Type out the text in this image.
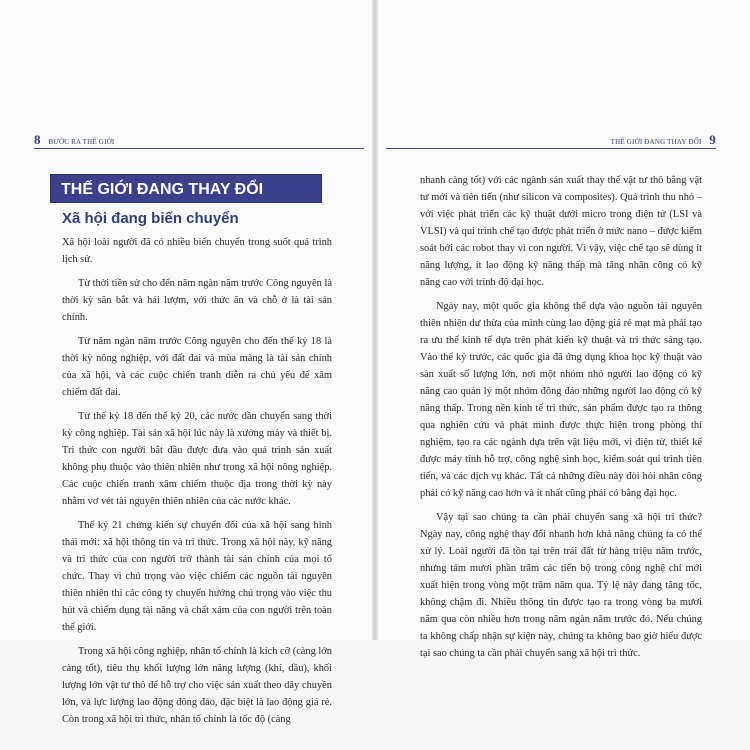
8 BƯỚC RA THẾ GIỚI	THẾ GIỚI ĐANG THAY ĐỔI 9
THẾ GIỚI ĐANG THAY ĐỔI
Xã hội đang biến chuyển

Xã hội loài người đã có nhiều biến chuyển trong suốt quá trình lịch sử.

Từ thời tiền sử cho đến năm ngàn năm trước Công nguyên là thời kỳ săn bắt và hái lượm, với thức ăn và chỗ ở là tài sản chính.

Từ năm ngàn năm trước Công nguyên cho đến thế kỷ 18 là thời kỳ nông nghiệp, với đất đai và mùa màng là tài sản chính của xã hội, và các cuộc chiến tranh diễn ra chủ yếu để xâm chiếm đất đai.

Từ thế kỷ 18 đến thế kỷ 20, các nước dần chuyển sang thời kỳ công nghiệp. Tài sản xã hội lúc này là xưởng máy và thiết bị. Tri thức con người bắt đầu được đưa vào quá trình sản xuất không phụ thuộc vào thiên nhiên như trong xã hội nông nghiệp. Các cuộc chiến tranh xâm chiếm thuộc địa trong thời kỳ này nhằm vơ vét tài nguyên thiên nhiên của các nước khác.

Thế kỷ 21 chứng kiến sự chuyển đổi của xã hội sang hình thái mới: xã hội thông tin và tri thức. Trong xã hội này, kỹ năng và tri thức của con người trở thành tài sản chính của mọi tổ chức. Thay vì chú trọng vào việc chiếm các nguồn tài nguyên thiên nhiên thì các công ty chuyển hướng chú trọng vào việc thu hút và chiếm dụng tài năng và chất xám của con người trên toàn thế giới.

Trong xã hội công nghiệp, nhân tố chính là kích cỡ (càng lớn càng tốt), tiêu thụ khối lượng lớn năng lượng (khí, dầu), khối lượng lớn vật tư thô để hỗ trợ cho việc sản xuất theo dây chuyền lớn, và lực lượng lao động đông đảo, đặc biệt là lao động giá rẻ. Còn trong xã hội tri thức, nhân tố chính là tốc độ (càng

nhanh càng tốt) với các ngành sản xuất thay thế vật tư thô bằng vật tư mới và tiên tiến (như silicon và composites). Quá trình thu nhỏ – với việc phát triển các kỹ thuật dưới micro trong điện tử (LSI và VLSI) và qui trình chế tạo được phát triển ở mức nano – được kiểm soát bởi các robot thay vì con người. Vì vậy, việc chế tạo sẽ dùng ít năng lượng, ít lao động kỹ năng thấp mà tăng nhân công có kỹ năng cao với trình độ đại học.

Ngày nay, một quốc gia không thể dựa vào nguồn tài nguyên thiên nhiên dư thừa của mình cùng lao động giá rẻ mạt mà phải tạo ra ưu thế kinh tế dựa trên phát kiến kỹ thuật và tri thức sáng tạo. Vào thế kỷ trước, các quốc gia đã ứng dụng khoa học kỹ thuật vào sản xuất số lượng lớn, nơi một nhóm nhỏ người lao động có kỹ năng cao quản lý một nhóm đông đảo những người lao động có kỹ năng thấp. Trong nền kinh tế tri thức, sản phẩm được tạo ra thông qua nghiên cứu và phát minh được thực hiện trong phòng thí nghiệm, tạo ra các ngành dựa trên vật liệu mới, vi điện tử, thiết kế được máy tính hỗ trợ, công nghệ sinh học, kiểm soát qui trình tiên tiến, và các dịch vụ khác. Tất cả những điều này đòi hỏi nhân công phải có kỹ năng cao hơn và ít nhất cũng phải có bằng đại học.

Vậy tại sao chúng ta cần phải chuyển sang xã hội tri thức? Ngày nay, công nghệ thay đổi nhanh hơn khả năng chúng ta có thể xử lý. Loài người đã tồn tại trên trái đất từ hàng triệu năm trước, nhưng tám mươi phần trăm các tiến bộ trong công nghệ chỉ mới xuất hiện trong vòng một trăm năm qua. Tỷ lệ này đang tăng tốc, không chậm đi. Nhiều thông tin được tạo ra trong vòng ba mươi năm qua còn nhiều hơn trong năm ngàn năm trước đó. Nếu chúng ta không chấp nhận sự kiện này, chúng ta không bao giờ hiểu được tại sao chúng ta cần phải chuyển sang xã hội tri thức.
